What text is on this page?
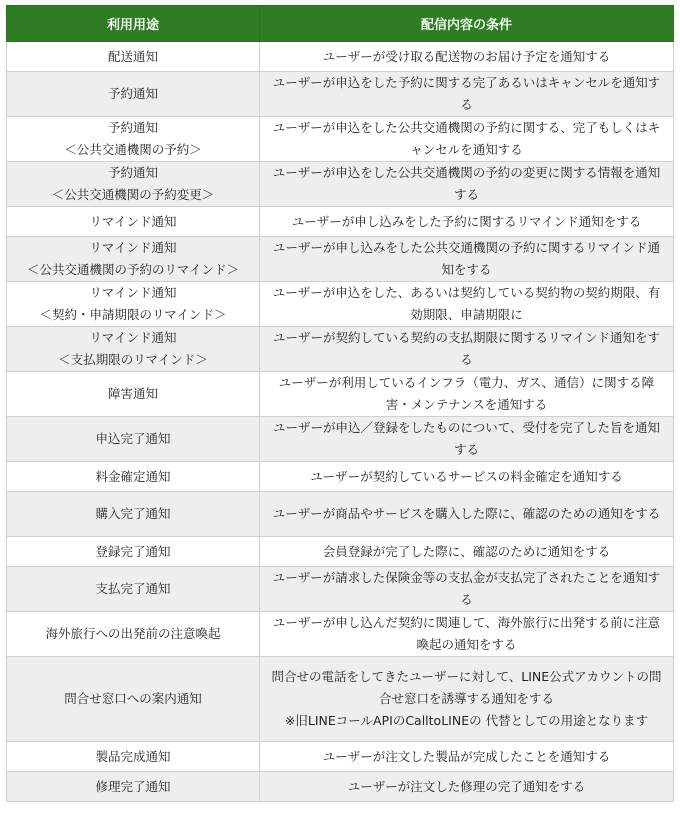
利用用途	配信内容の条件
配送通知	ユーザーが受け取る配送物のお届け予定を通知する
予約通知	ユーザーが申込をした予約に関する完了あるいはキャンセルを通知する
予約通知
＜公共交通機関の予約＞	ユーザーが申込をした公共交通機関の予約に関する、完了もしくはキャンセルを通知する
予約通知
＜公共交通機関の予約変更＞	ユーザーが申込をした公共交通機関の予約の変更に関する情報を通知する
リマインド通知	ユーザーが申し込みをした予約に関するリマインド通知をする
リマインド通知
＜公共交通機関の予約のリマインド＞	ユーザーが申し込みをした公共交通機関の予約に関するリマインド通知をする
リマインド通知
＜契約・申請期限のリマインド＞	ユーザーが申込をした、あるいは契約している契約物の契約期限、有効期限、申請期限に
リマインド通知
＜支払期限のリマインド＞	ユーザーが契約している契約の支払期限に関するリマインド通知をする
障害通知	ユーザーが利用しているインフラ（電力、ガス、通信）に関する障害・メンテナンスを通知する
申込完了通知	ユーザーが申込／登録をしたものについて、受付を完了した旨を通知する
料金確定通知	ユーザーが契約しているサービスの料金確定を通知する
購入完了通知	ユーザーが商品やサービスを購入した際に、確認のための通知をする
登録完了通知	会員登録が完了した際に、確認のために通知をする
支払完了通知	ユーザーが請求した保険金等の支払金が支払完了されたことを通知する
海外旅行への出発前の注意喚起	ユーザーが申し込んだ契約に関連して、海外旅行に出発する前に注意喚起の通知をする
問合せ窓口への案内通知	問合せの電話をしてきたユーザーに対して、LINE公式アカウントの問合せ窓口を誘導する通知をする
※旧LINEコールAPIのCalltoLINEの 代替としての用途となります
製品完成通知	ユーザーが注文した製品が完成したことを通知する
修理完了通知	ユーザーが注文した修理の完了通知をする
